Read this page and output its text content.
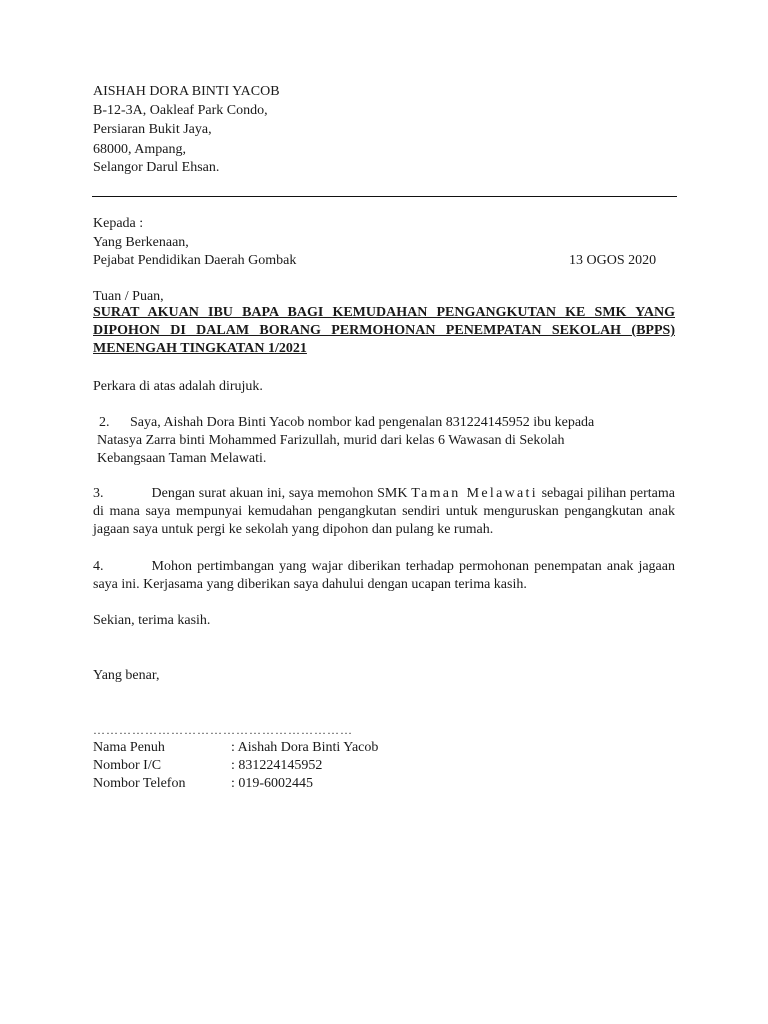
AISHAH DORA BINTI YACOB
B-12-3A, Oakleaf Park Condo,
Persiaran Bukit Jaya,
68000, Ampang,
Selangor Darul Ehsan.
Kepada :
Yang Berkenaan,
Pejabat Pendidikan Daerah Gombak	13 OGOS 2020
Tuan / Puan,
SURAT AKUAN IBU BAPA BAGI KEMUDAHAN PENGANGKUTAN KE SMK YANG DIPOHON DI DALAM BORANG PERMOHONAN PENEMPATAN SEKOLAH (BPPS) MENENGAH TINGKATAN 1/2021
Perkara di atas adalah dirujuk.
2. Saya, Aishah Dora Binti Yacob nombor kad pengenalan 831224145952 ibu kepada
Natasya Zarra binti Mohammed Farizullah, murid dari kelas 6 Wawasan di Sekolah
Kebangsaan Taman Melawati.
3.	Dengan surat akuan ini, saya memohon SMK Taman Melawati sebagai pilihan pertama di mana saya mempunyai kemudahan pengangkutan sendiri untuk menguruskan pengangkutan anak jagaan saya untuk pergi ke sekolah yang dipohon dan pulang ke rumah.
4.	Mohon pertimbangan yang wajar diberikan terhadap permohonan penempatan anak jagaan saya ini. Kerjasama yang diberikan saya dahului dengan ucapan terima kasih.
Sekian, terima kasih.
Yang benar,
……………………………………………………
Nama Penuh	: Aishah Dora Binti Yacob
Nombor I/C	: 831224145952
Nombor Telefon	: 019-6002445
